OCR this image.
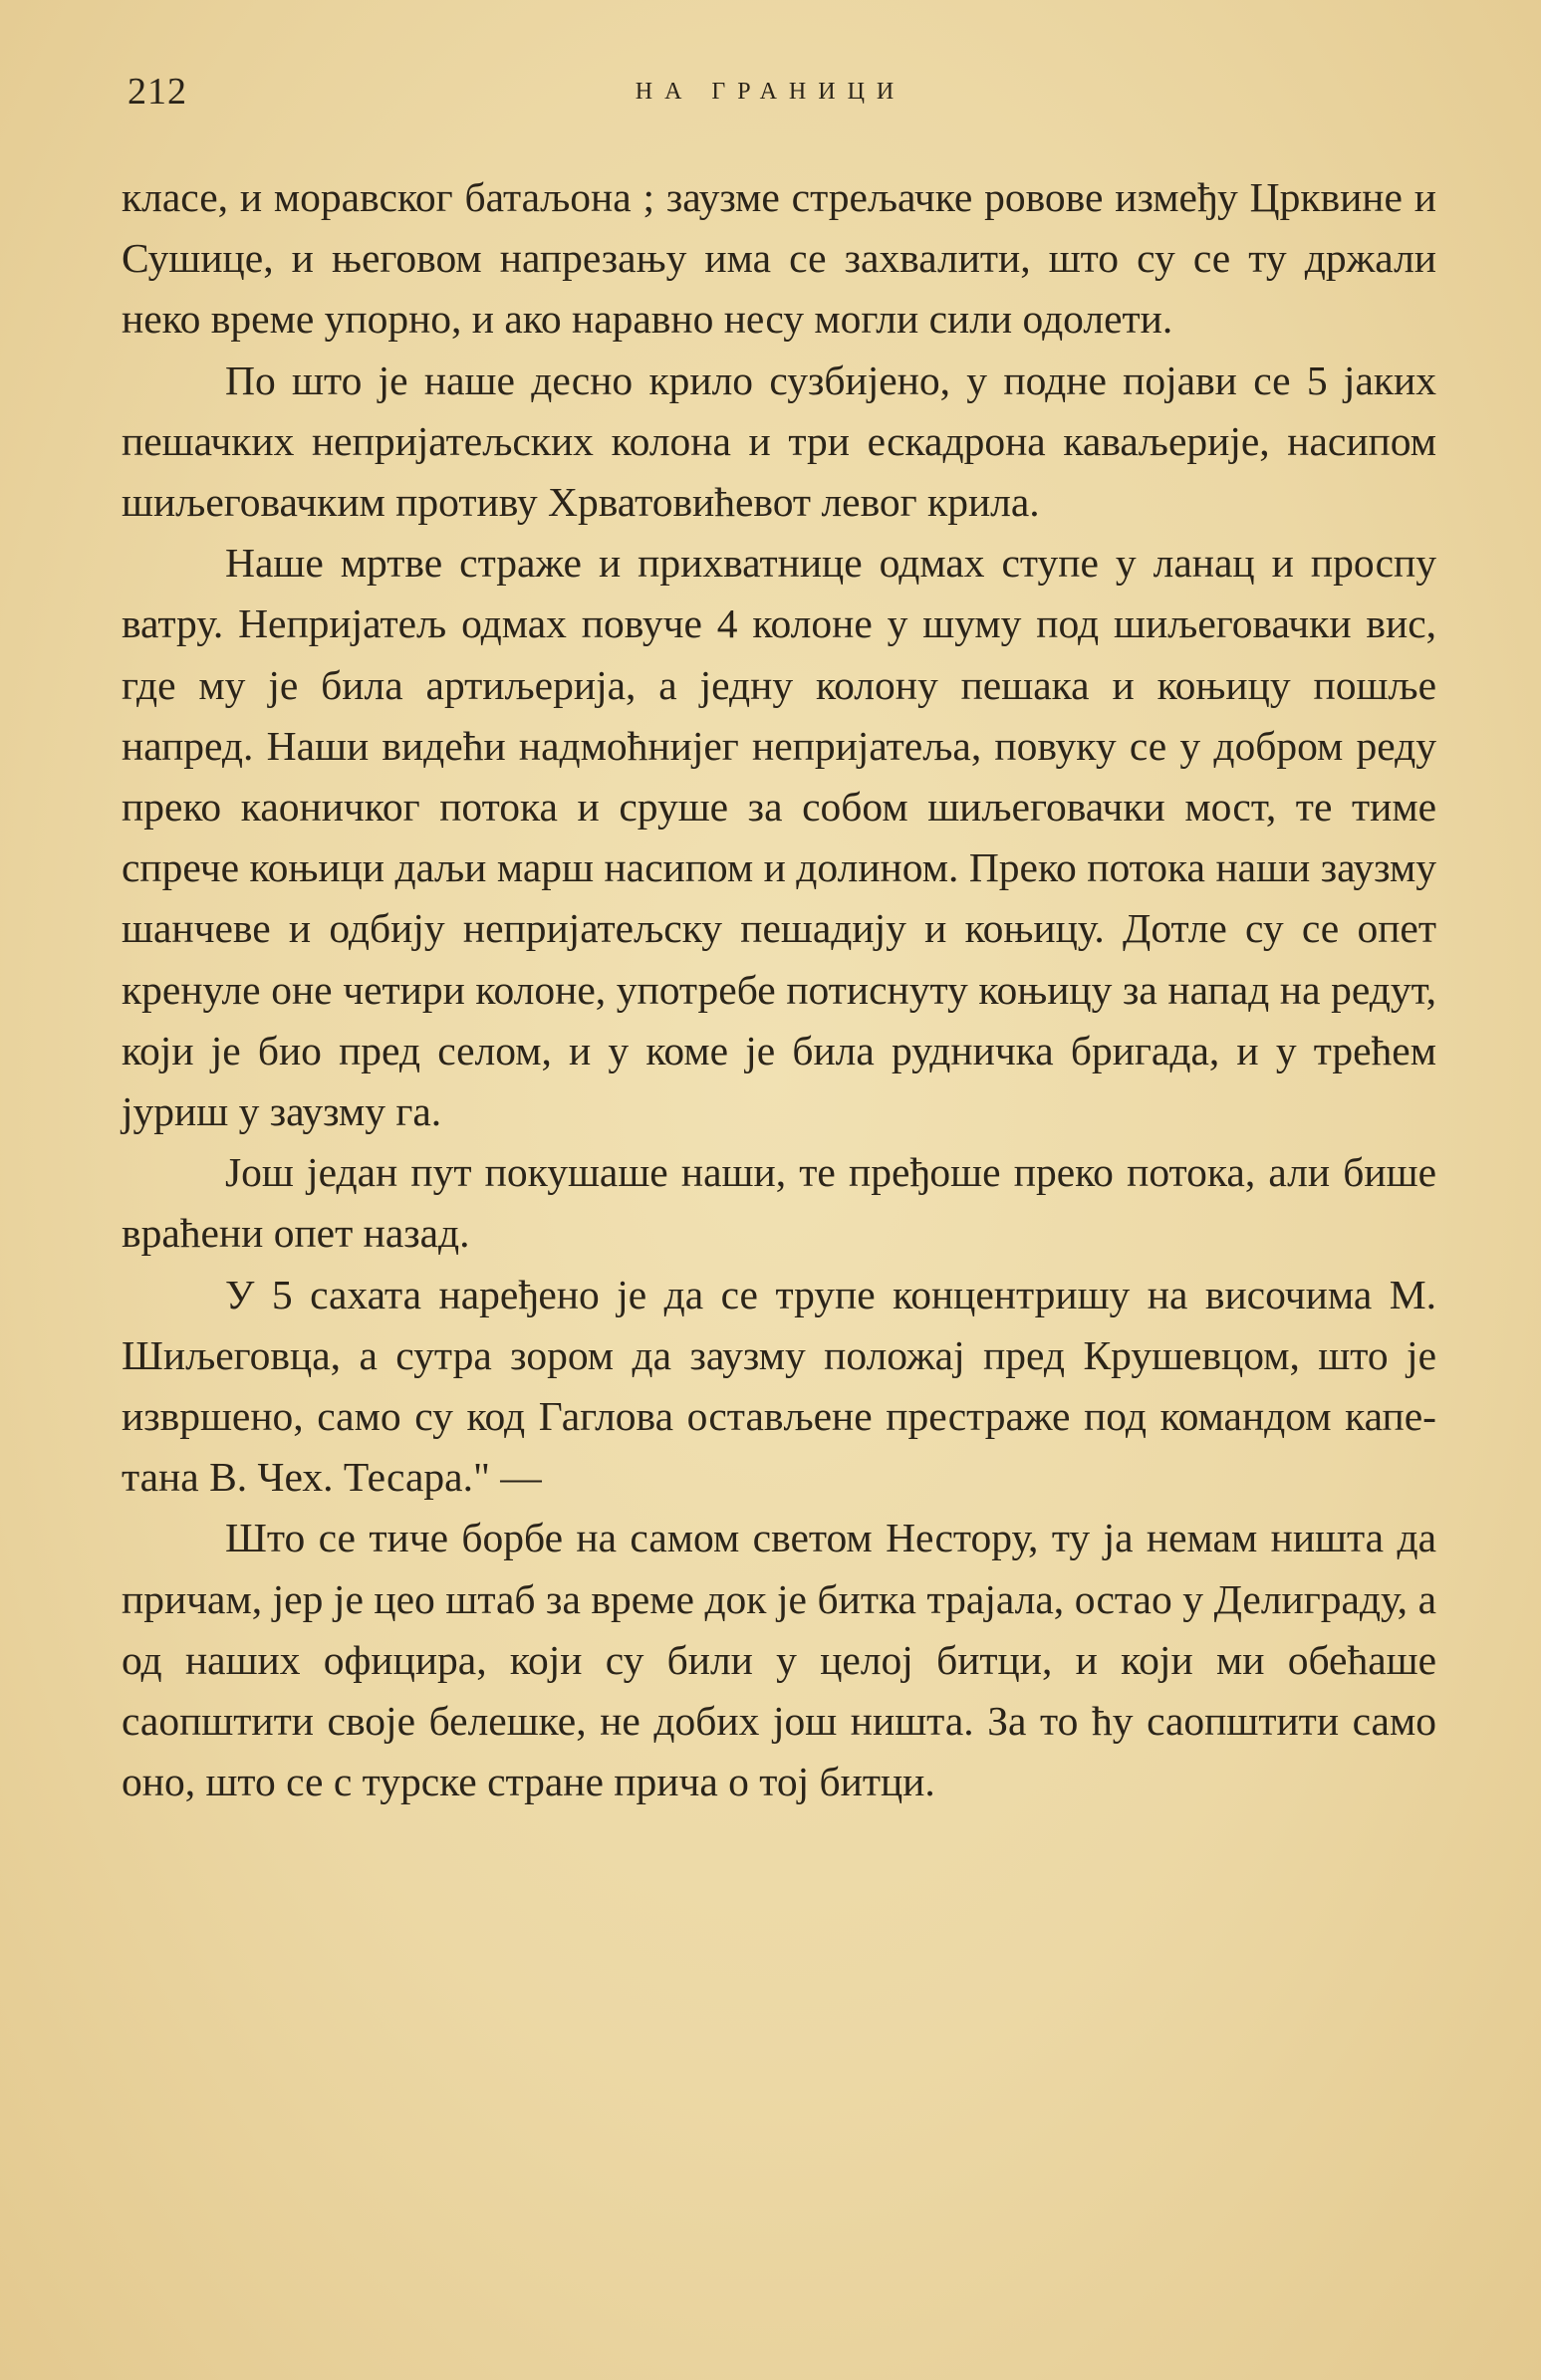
212	НА ГРАНИЦИ

класе, и моравског батаљона ; заузме стрељачке ровове између Црквине и Сушице, и његовом напрезању има се захвалити, што су се ту држали неко време упорно, и ако наравно несу могли сили одолети.

По што је наше десно крило сузбијено, у подне појави се 5 јаких пешачких непријатељских колона и три ескадрона каваљерије, насипом шиљеговачким противу Хрватовићевот левог крила.

Наше мртве страже и прихватнице одмах ступе у ланац и проспу ватру. Непријатељ одмах повуче 4 колоне у шуму под шиљеговачки вис, где му је била артиљерија, а једну колону пешака и коњицу пошље напред. Наши видећи надмоћнијег непријатеља, повуку се у добром реду преко каоничког потока и сруше за собом шиљеговачки мост, те тиме спрече коњици даљи марш насипом и долином. Преко потока наши заузму шанчеве и одбију непријатељску пешадију и коњицу. Дотле су се опет кренуле оне четири колоне, употребе потиснуту коњицу за напад на редут, који је био пред селом, и у коме је била рудничка бригада, и у трећем јуриш у заузму га.

Још један пут покушаше наши, те пређоше преко потока, али бише враћени опет назад.

У 5 сахата наређено је да се трупе концентришу на височима М. Шиљеговца, а сутра зором да заузму положај пред Крушевцом, што је извршено, само су код Гаглова остављене престраже под командом капетана В. Чех. Тесара." —

Што се тиче борбе на самом светом Нестору, ту ја немам ништа да причам, јер је цео штаб за време док је битка трајала, остао у Делиграду, а од наших официра, који су били у целој битци, и који ми обећаше саопштити своје белешке, не добих још ништа. За то ћу саопштити само оно, што се с турске стране прича о тој битци.
